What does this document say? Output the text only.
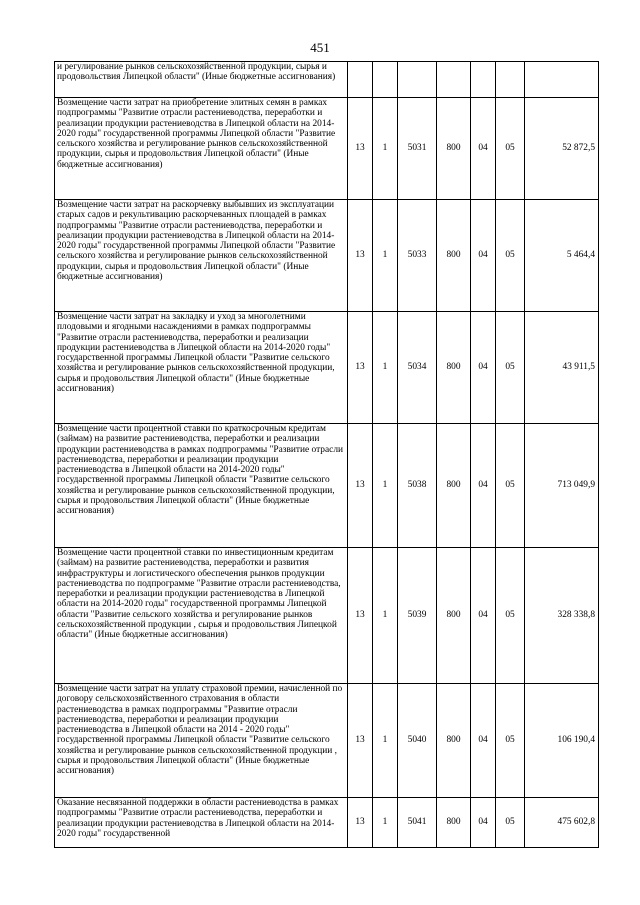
451
и регулирование рынков сельскохозяйственной продукции, сырья и продовольствия Липецкой области" (Иные бюджетные ассигнования)							
Возмещение части затрат на приобретение элитных семян в рамках подпрограммы "Развитие отрасли растениеводства, переработки и реализации продукции растениеводства в Липецкой области на 2014-2020 годы" государственной программы Липецкой области "Развитие сельского хозяйства и регулирование рынков сельскохозяйственной продукции, сырья и продовольствия Липецкой области" (Иные бюджетные ассигнования)	13	1	5031	800	04	05	52 872,5
Возмещение части затрат на раскорчевку выбывших из эксплуатации старых садов и рекультивацию раскорчеванных площадей в рамках подпрограммы "Развитие отрасли растениеводства, переработки и реализации продукции растениеводства в Липецкой области на 2014-2020 годы" государственной программы Липецкой области "Развитие сельского хозяйства и регулирование рынков сельскохозяйственной продукции, сырья и продовольствия Липецкой области" (Иные бюджетные ассигнования)	13	1	5033	800	04	05	5 464,4
Возмещение части затрат на закладку и уход за многолетними плодовыми и ягодными насаждениями в рамках подпрограммы "Развитие отрасли растениеводства, переработки и реализации продукции растениеводства в Липецкой области на 2014-2020 годы" государственной программы Липецкой области "Развитие сельского хозяйства и регулирование рынков сельскохозяйственной продукции, сырья и продовольствия Липецкой области" (Иные бюджетные ассигнования)	13	1	5034	800	04	05	43 911,5
Возмещение части процентной ставки по краткосрочным кредитам (займам) на развитие растениеводства, переработки и реализации продукции растениеводства в рамках подпрограммы "Развитие отрасли растениеводства, переработки и реализации продукции растениеводства в Липецкой области на 2014-2020 годы" государственной программы Липецкой области "Развитие сельского хозяйства и регулирование рынков сельскохозяйственной продукции, сырья и продовольствия Липецкой области" (Иные бюджетные ассигнования)	13	1	5038	800	04	05	713 049,9
Возмещение части процентной ставки по инвестиционным кредитам (займам) на развитие растениеводства, переработки и развития инфраструктуры и логистического обеспечения рынков продукции растениеводства по подпрограмме "Развитие отрасли растениеводства, переработки и реализации продукции растениеводства в Липецкой области на 2014-2020 годы" государственной программы Липецкой области "Развитие сельского хозяйства и регулирование рынков сельскохозяйственной продукции , сырья и продовольствия Липецкой области" (Иные бюджетные ассигнования)	13	1	5039	800	04	05	328 338,8
Возмещение части затрат на уплату страховой премии, начисленной по договору сельскохозяйственного страхования в области растениеводства в рамках подпрограммы "Развитие отрасли растениеводства, переработки и реализации продукции растениеводства в Липецкой области на 2014 - 2020 годы" государственной программы Липецкой области "Развитие сельского хозяйства и регулирование рынков сельскохозяйственной продукции , сырья и продовольствия Липецкой области" (Иные бюджетные ассигнования)	13	1	5040	800	04	05	106 190,4
Оказание несвязанной поддержки в области растениеводства в рамках подпрограммы "Развитие отрасли растениеводства, переработки и реализации продукции растениеводства в Липецкой области на 2014-2020 годы" государственной	13	1	5041	800	04	05	475 602,8
